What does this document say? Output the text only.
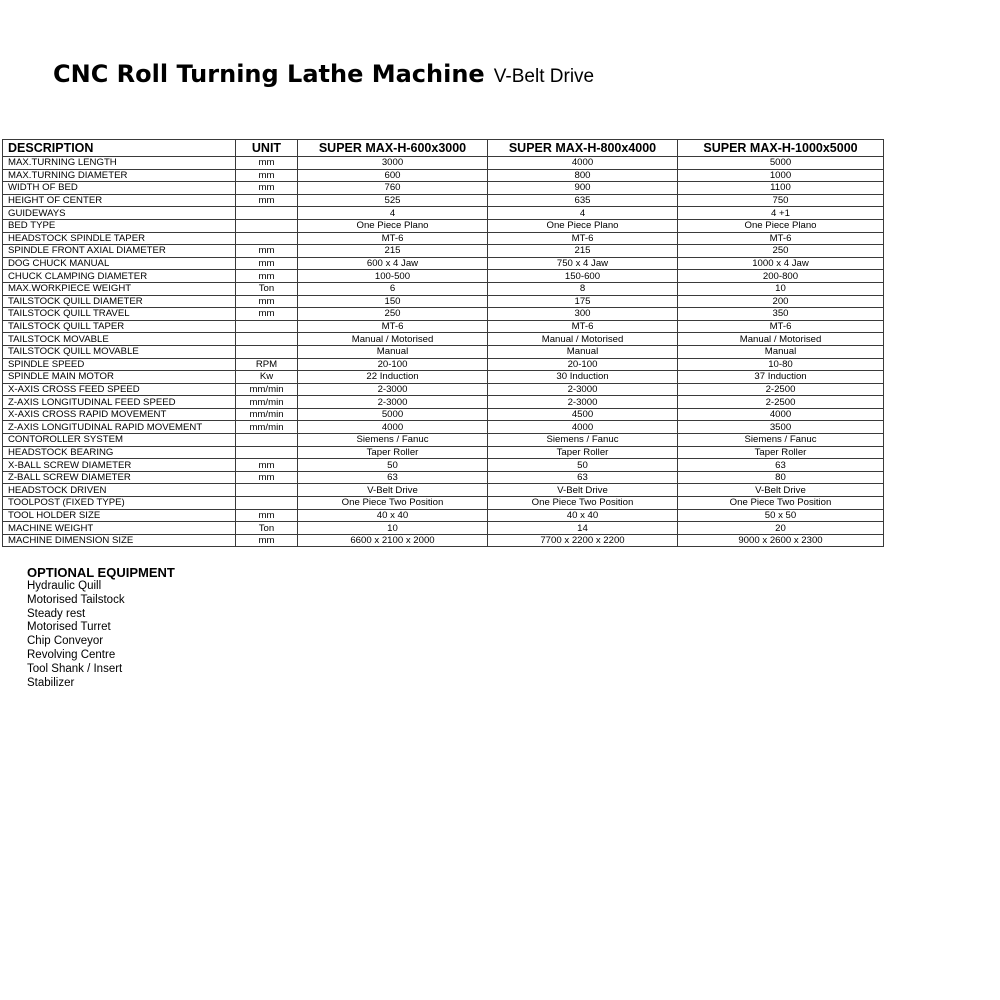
CNC Roll Turning Lathe Machine V-Belt Drive
DESCRIPTION	UNIT	SUPER MAX-H-600x3000	SUPER MAX-H-800x4000	SUPER MAX-H-1000x5000
MAX.TURNING LENGTH	mm	3000	4000	5000
MAX.TURNING DIAMETER	mm	600	800	1000
WIDTH OF BED	mm	760	900	1100
HEIGHT OF CENTER	mm	525	635	750
GUIDEWAYS		4	4	4 +1
BED TYPE		One Piece Plano	One Piece Plano	One Piece Plano
HEADSTOCK SPINDLE TAPER		MT-6	MT-6	MT-6
SPINDLE FRONT AXIAL DIAMETER	mm	215	215	250
DOG CHUCK MANUAL	mm	600 x 4 Jaw	750 x 4 Jaw	1000 x 4 Jaw
CHUCK CLAMPING DIAMETER	mm	100-500	150-600	200-800
MAX.WORKPIECE WEIGHT	Ton	6	8	10
TAILSTOCK QUILL DIAMETER	mm	150	175	200
TAILSTOCK QUILL TRAVEL	mm	250	300	350
TAILSTOCK QUILL TAPER		MT-6	MT-6	MT-6
TAILSTOCK MOVABLE		Manual / Motorised	Manual / Motorised	Manual / Motorised
TAILSTOCK QUILL MOVABLE		Manual	Manual	Manual
SPINDLE SPEED	RPM	20-100	20-100	10-80
SPINDLE MAIN MOTOR	Kw	22 Induction	30 Induction	37 Induction
X-AXIS CROSS FEED SPEED	mm/min	2-3000	2-3000	2-2500
Z-AXIS LONGITUDINAL FEED SPEED	mm/min	2-3000	2-3000	2-2500
X-AXIS CROSS RAPID MOVEMENT	mm/min	5000	4500	4000
Z-AXIS LONGITUDINAL RAPID MOVEMENT	mm/min	4000	4000	3500
CONTOROLLER SYSTEM		Siemens / Fanuc	Siemens / Fanuc	Siemens / Fanuc
HEADSTOCK BEARING		Taper Roller	Taper Roller	Taper Roller
X-BALL SCREW DIAMETER	mm	50	50	63
Z-BALL SCREW DIAMETER	mm	63	63	80
HEADSTOCK DRIVEN		V-Belt Drive	V-Belt Drive	V-Belt Drive
TOOLPOST (FIXED TYPE)		One Piece Two Position	One Piece Two Position	One Piece Two Position
TOOL HOLDER SIZE	mm	40 x 40	40 x 40	50 x 50
MACHINE WEIGHT	Ton	10	14	20
MACHINE DIMENSION SIZE	mm	6600 x 2100 x 2000	7700 x 2200 x 2200	9000 x 2600 x 2300
OPTIONAL EQUIPMENT
Hydraulic Quill
Motorised Tailstock
Steady rest
Motorised Turret
Chip Conveyor
Revolving Centre
Tool Shank / Insert
Stabilizer
